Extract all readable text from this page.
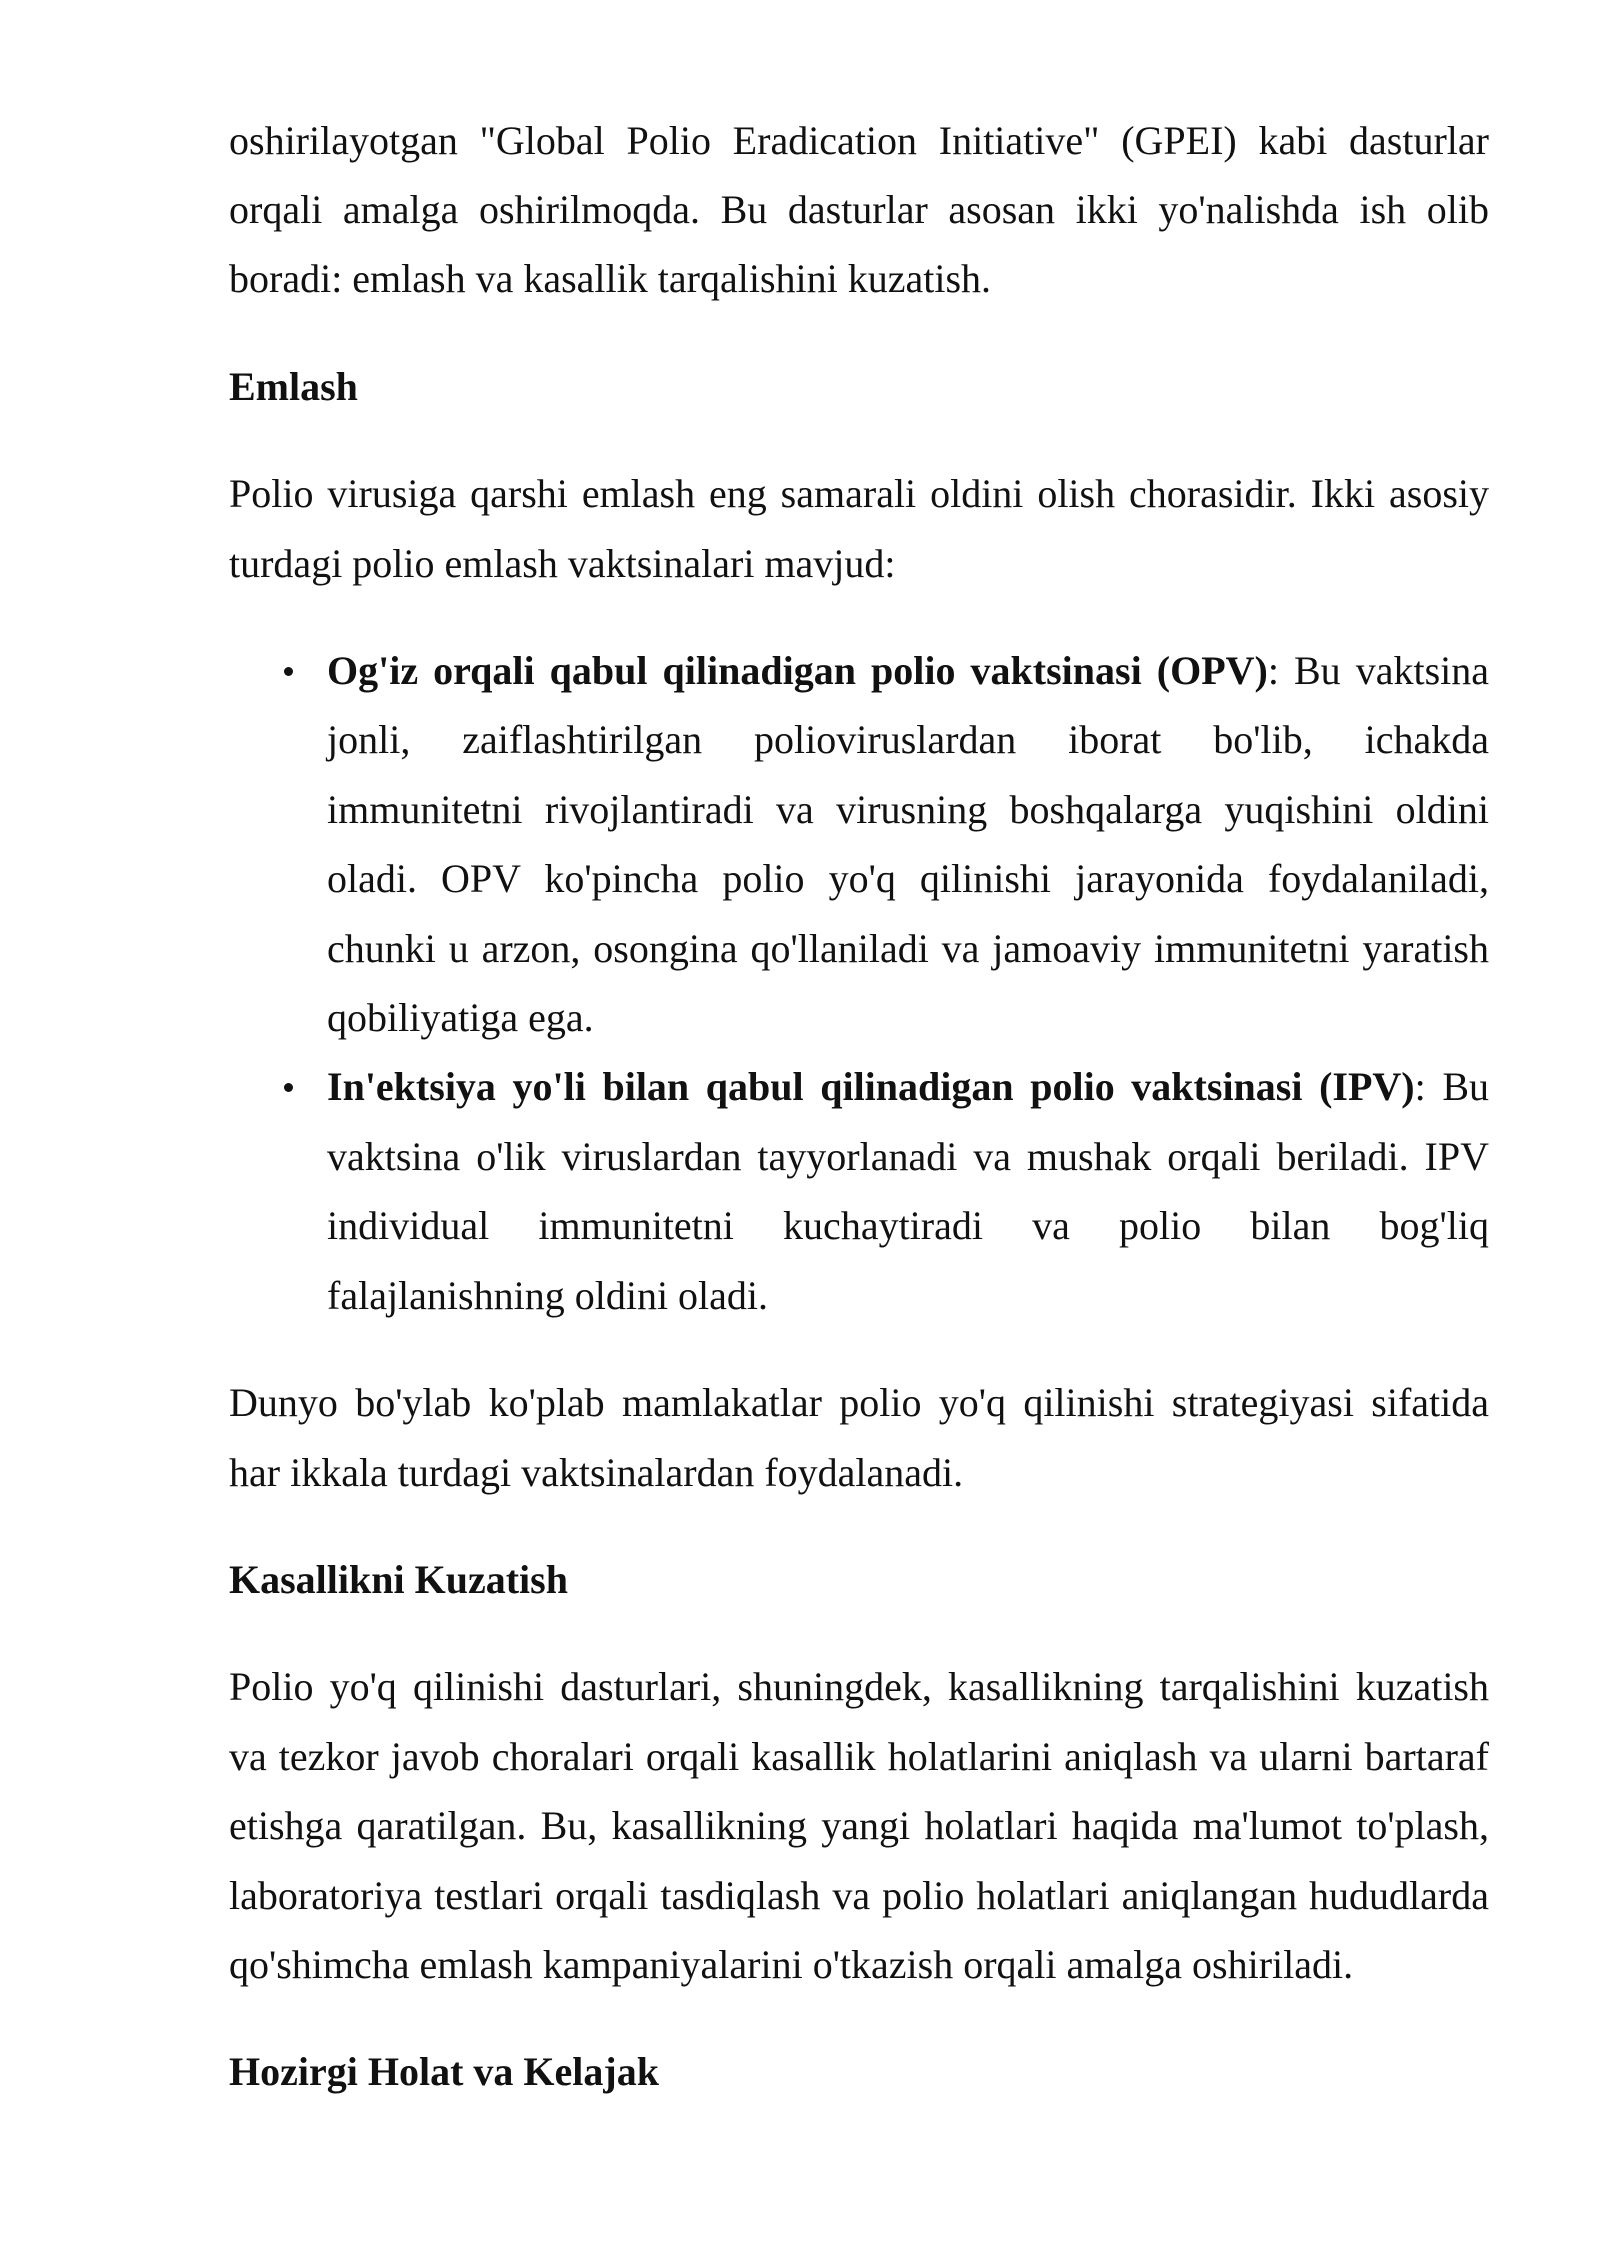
oshirilayotgan "Global Polio Eradication Initiative" (GPEI) kabi dasturlar
orqali amalga oshirilmoqda. Bu dasturlar asosan ikki yo'nalishda ish olib
boradi: emlash va kasallik tarqalishini kuzatish.
Emlash
Polio virusiga qarshi emlash eng samarali oldini olish chorasidir. Ikki asosiy
turdagi polio emlash vaktsinalari mavjud:
Og'iz orqali qabul qilinadigan polio vaktsinasi (OPV): Bu vaktsina
jonli, zaiflashtirilgan polioviruslardan iborat bo'lib, ichakda
immunitetni rivojlantiradi va virusning boshqalarga yuqishini oldini
oladi. OPV ko'pincha polio yo'q qilinishi jarayonida foydalaniladi,
chunki u arzon, osongina qo'llaniladi va jamoaviy immunitetni yaratish
qobiliyatiga ega.
In'ektsiya yo'li bilan qabul qilinadigan polio vaktsinasi (IPV): Bu
vaktsina o'lik viruslardan tayyorlanadi va mushak orqali beriladi. IPV
individual immunitetni kuchaytiradi va polio bilan bog'liq
falajlanishning oldini oladi.
Dunyo bo'ylab ko'plab mamlakatlar polio yo'q qilinishi strategiyasi sifatida
har ikkala turdagi vaktsinalardan foydalanadi.
Kasallikni Kuzatish
Polio yo'q qilinishi dasturlari, shuningdek, kasallikning tarqalishini kuzatish
va tezkor javob choralari orqali kasallik holatlarini aniqlash va ularni bartaraf
etishga qaratilgan. Bu, kasallikning yangi holatlari haqida ma'lumot to'plash,
laboratoriya testlari orqali tasdiqlash va polio holatlari aniqlangan hududlarda
qo'shimcha emlash kampaniyalarini o'tkazish orqali amalga oshiriladi.
Hozirgi Holat va Kelajak
